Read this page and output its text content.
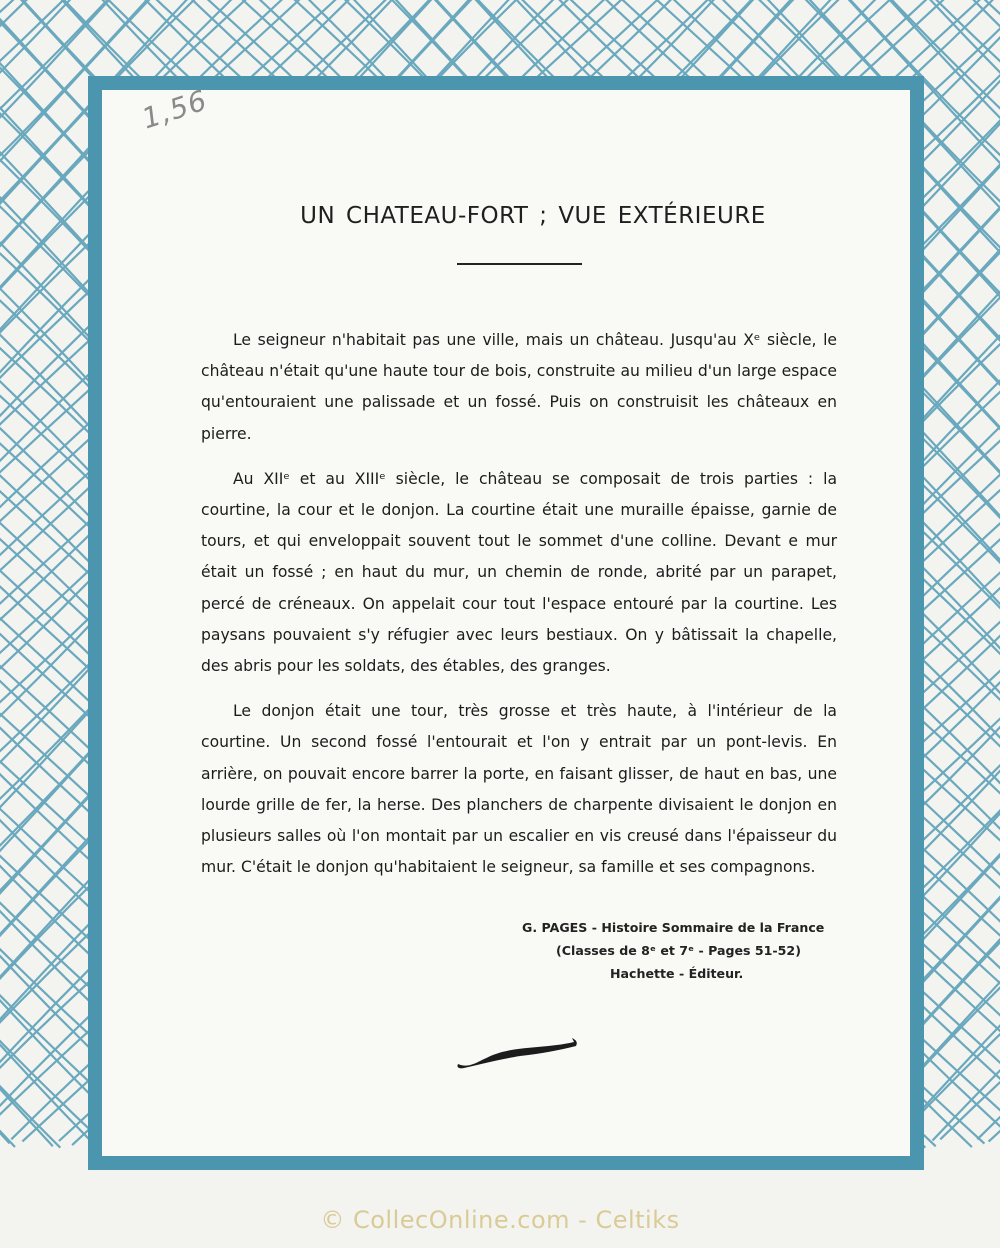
1,56
UN CHATEAU-FORT ; VUE EXTÉRIEURE

Le seigneur n'habitait pas une ville, mais un château. Jusqu'au Xᵉ siècle, le château n'était qu'une haute tour de bois, construite au milieu d'un large espace qu'entouraient une palissade et un fossé. Puis on construisit les châteaux en pierre.

Au XIIᵉ et au XIIIᵉ siècle, le château se composait de trois parties : la courtine, la cour et le donjon. La courtine était une muraille épaisse, garnie de tours, et qui enveloppait souvent tout le sommet d'une colline. Devant e mur était un fossé ; en haut du mur, un chemin de ronde, abrité par un parapet, percé de créneaux. On appelait cour tout l'espace entouré par la courtine. Les paysans pouvaient s'y réfugier avec leurs bestiaux. On y bâtissait la chapelle, des abris pour les soldats, des étables, des granges.

Le donjon était une tour, très grosse et très haute, à l'intérieur de la courtine. Un second fossé l'entourait et l'on y entrait par un pont-levis. En arrière, on pouvait encore barrer la porte, en faisant glisser, de haut en bas, une lourde grille de fer, la herse. Des planchers de charpente divisaient le donjon en plusieurs salles où l'on montait par un escalier en vis creusé dans l'épaisseur du mur. C'était le donjon qu'habitaient le seigneur, sa famille et ses compagnons.

G. PAGES - Histoire Sommaire de la France
(Classes de 8ᵉ et 7ᵉ - Pages 51-52)
Hachette - Éditeur.
© CollecOnline.com - Celtiks
